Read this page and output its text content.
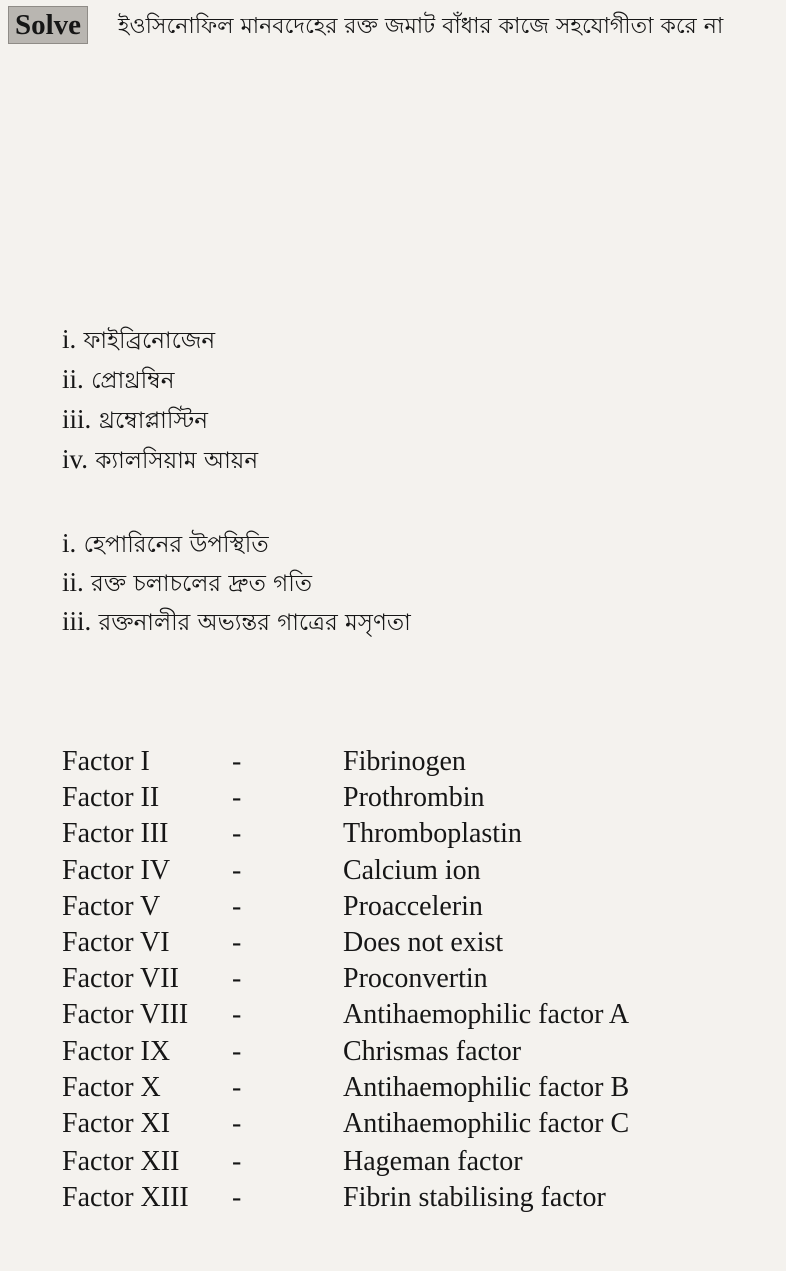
Solve	ইওসিনোফিল মানবদেহের রক্ত জমাট বাঁধার কাজে সহযোগীতা করে না
i. ফাইব্রিনোজেন
ii. প্রোথ্রম্বিন
iii. থ্রম্বোপ্লাস্টিন
iv. ক্যালসিয়াম আয়ন
i. হেপারিনের উপস্থিতি
ii. রক্ত চলাচলের দ্রুত গতি
iii. রক্তনালীর অভ্যন্তর গাত্রের মসৃণতা
Factor I	-	Fibrinogen
Factor II	-	Prothrombin
Factor III -	Thromboplastin
Factor IV -	Calcium ion
Factor V	-	Proaccelerin
Factor VI -	Does not exist
Factor VII -	Proconvertin
Factor VIII -	Antihaemophilic factor A
Factor IX -	Chrismas factor
Factor X	-	Antihaemophilic factor B
Factor XI -	Antihaemophilic factor C
Factor XII -	Hageman factor
Factor XIII -	Fibrin stabilising factor
